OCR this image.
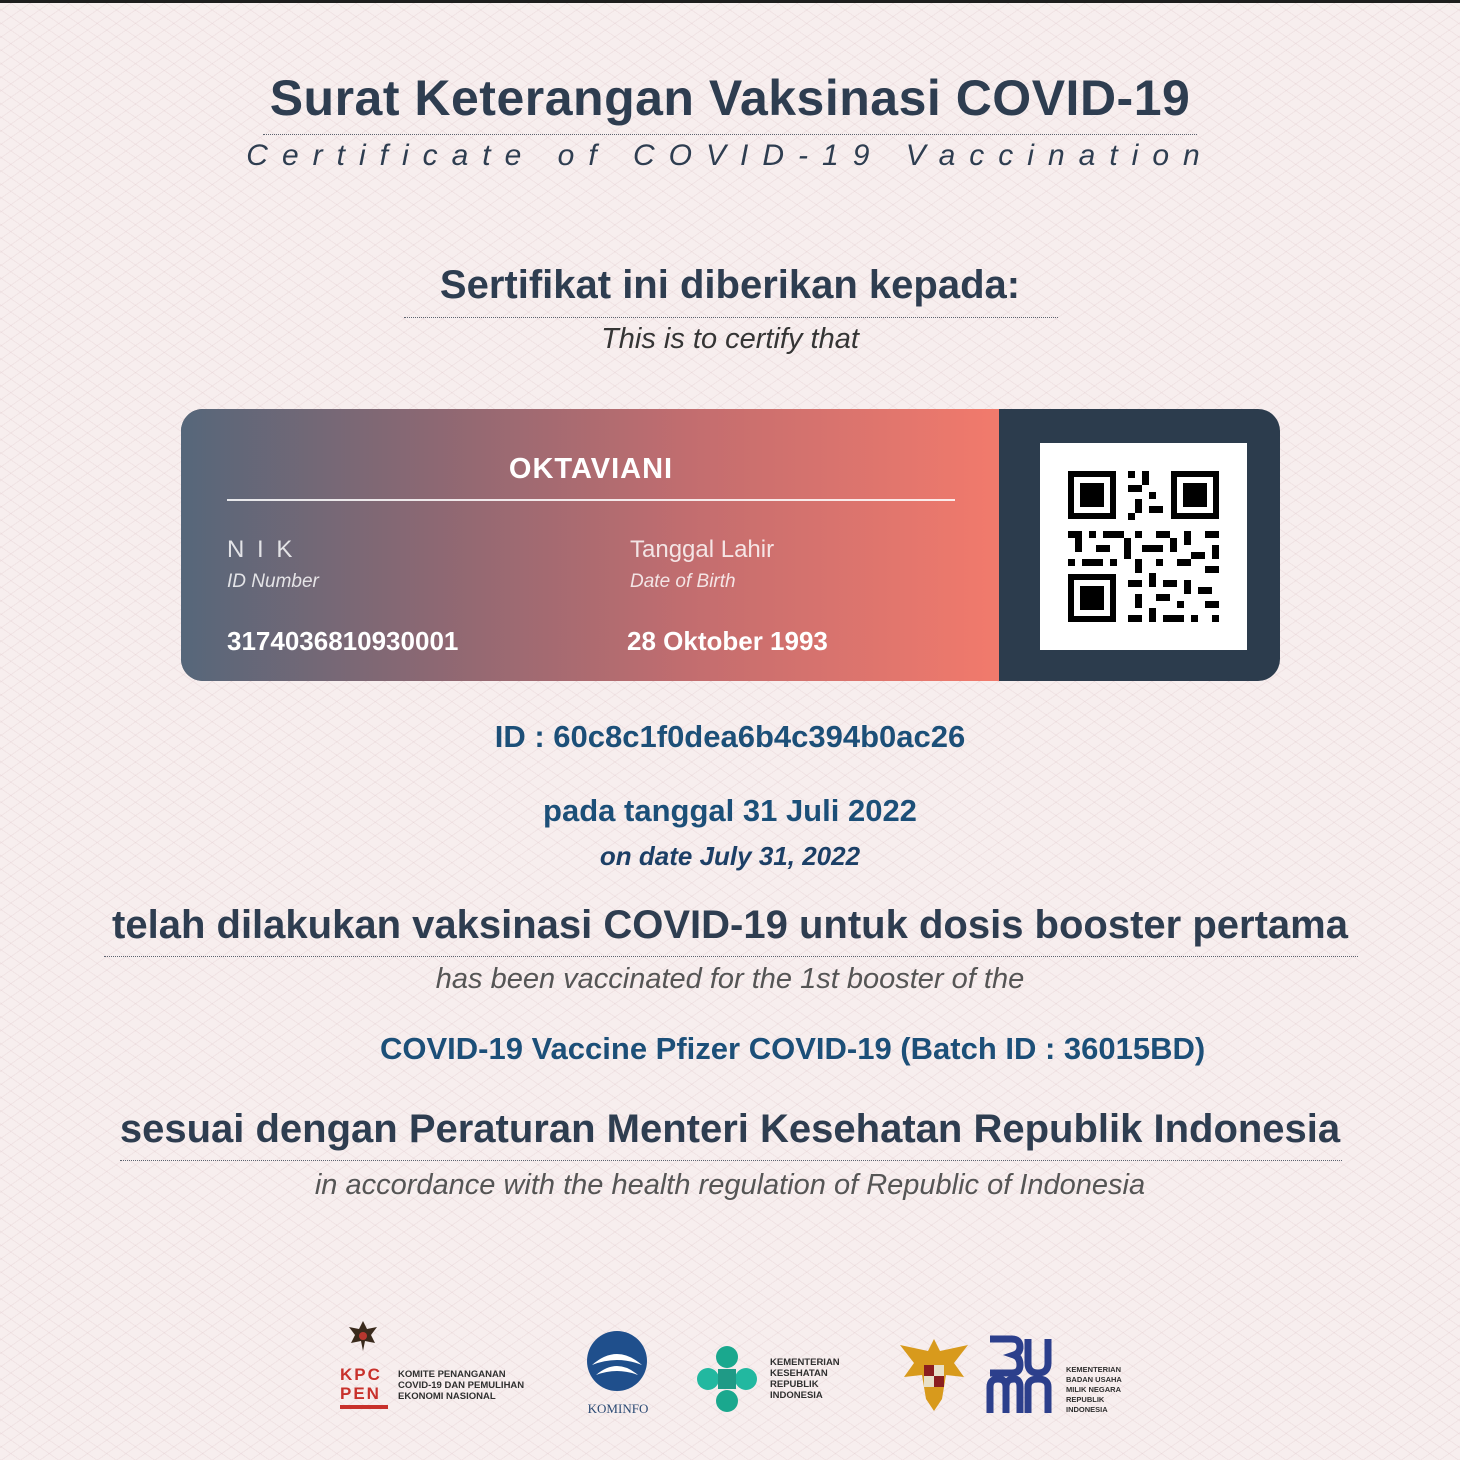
Surat Keterangan Vaksinasi COVID-19
Certificate of COVID-19 Vaccination
Sertifikat ini diberikan kepada:
This is to certify that
OKTAVIANI
N I K
ID Number
3174036810930001
Tanggal Lahir
Date of Birth
28 Oktober 1993
ID : 60c8c1f0dea6b4c394b0ac26
pada tanggal 31 Juli 2022
on date July 31, 2022
telah dilakukan vaksinasi COVID-19 untuk dosis booster pertama
has been vaccinated for the 1st booster of the
COVID-19 Vaccine Pfizer COVID-19 (Batch ID : 36015BD)
sesuai dengan Peraturan Menteri Kesehatan Republik Indonesia
in accordance with the health regulation of Republic of Indonesia
KPC
PEN
KOMITE PENANGANAN
COVID-19 DAN PEMULIHAN
EKONOMI NASIONAL
KOMINFO
KEMENTERIAN
KESEHATAN
REPUBLIK
INDONESIA
KEMENTERIAN
BADAN USAHA
MILIK NEGARA
REPUBLIK
INDONESIA
